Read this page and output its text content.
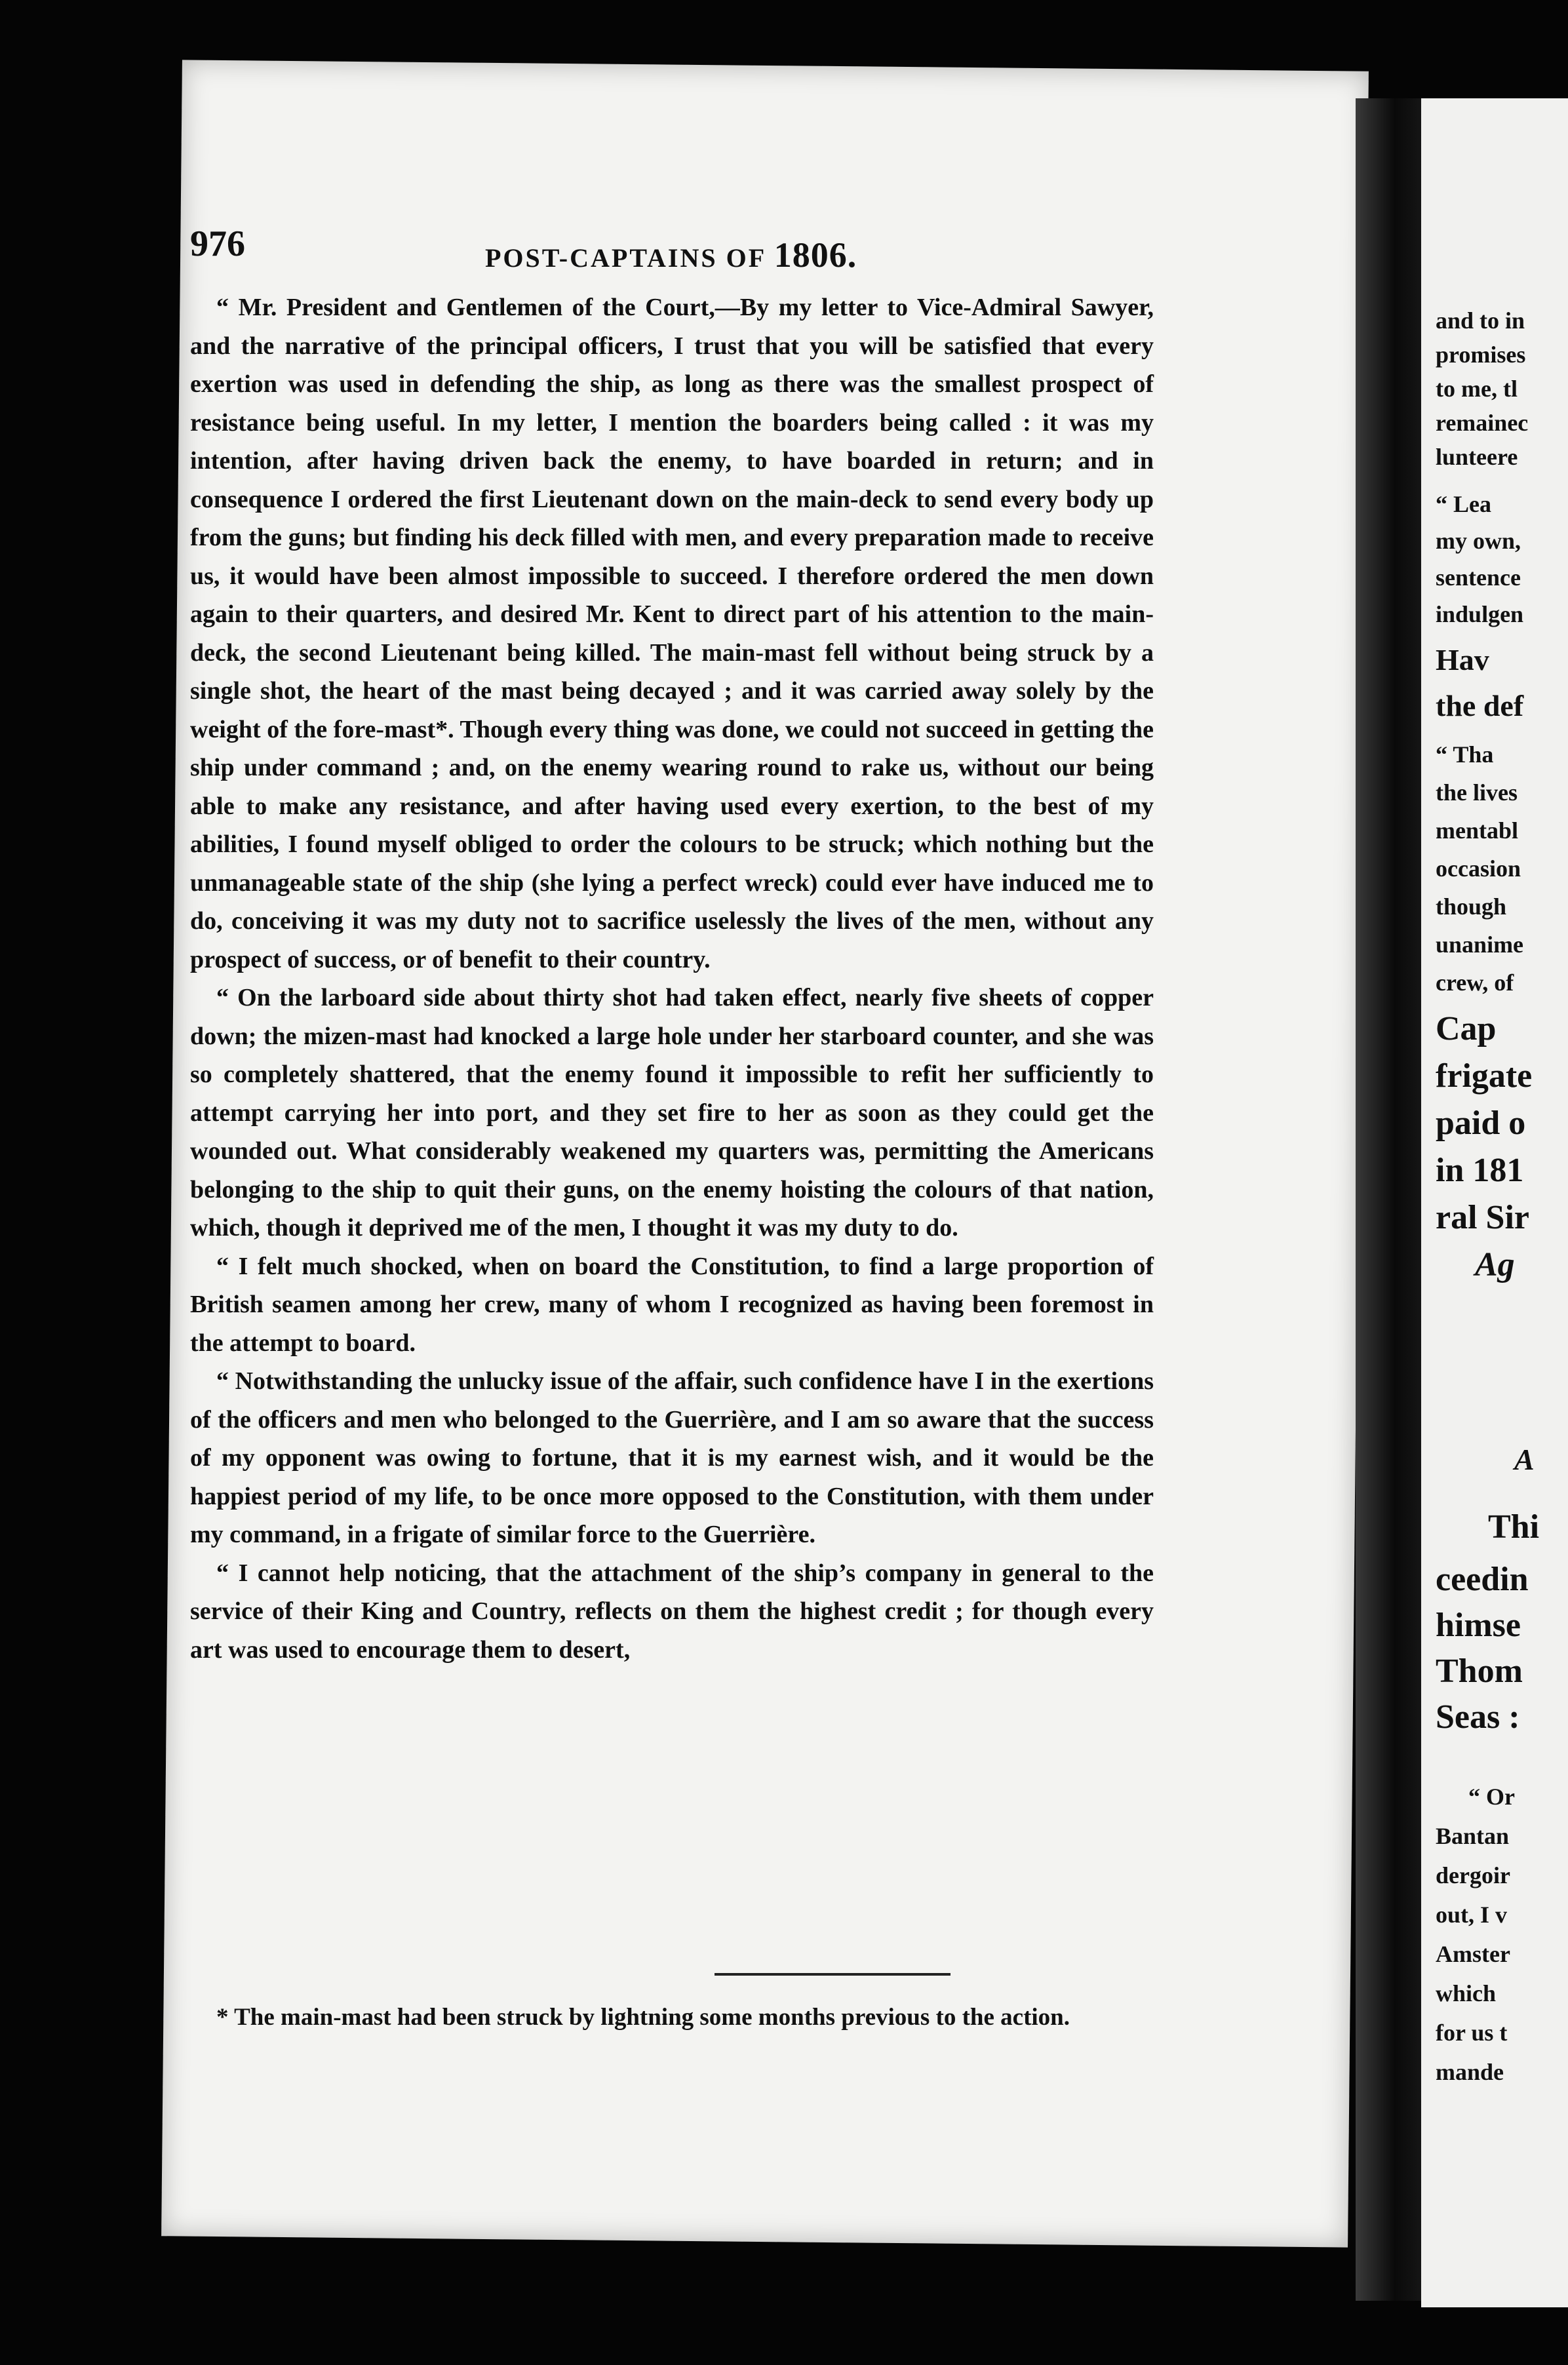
976	POST-CAPTAINS OF 1806.

“ Mr. President and Gentlemen of the Court,—By my letter to Vice-Admiral Sawyer, and the narrative of the principal officers, I trust that you will be satisfied that every exertion was used in defending the ship, as long as there was the smallest prospect of resistance being useful. In my letter, I mention the boarders being called : it was my intention, after having driven back the enemy, to have boarded in return; and in consequence I ordered the first Lieutenant down on the main-deck to send every body up from the guns; but finding his deck filled with men, and every preparation made to receive us, it would have been almost impossible to succeed. I therefore ordered the men down again to their quarters, and desired Mr. Kent to direct part of his attention to the main-deck, the second Lieutenant being killed. The main-mast fell without being struck by a single shot, the heart of the mast being decayed ; and it was carried away solely by the weight of the fore-mast*. Though every thing was done, we could not succeed in getting the ship under command ; and, on the enemy wearing round to rake us, without our being able to make any resistance, and after having used every exertion, to the best of my abilities, I found myself obliged to order the colours to be struck; which nothing but the unmanageable state of the ship (she lying a perfect wreck) could ever have induced me to do, conceiving it was my duty not to sacrifice uselessly the lives of the men, without any prospect of success, or of benefit to their country.

“ On the larboard side about thirty shot had taken effect, nearly five sheets of copper down; the mizen-mast had knocked a large hole under her starboard counter, and she was so completely shattered, that the enemy found it impossible to refit her sufficiently to attempt carrying her into port, and they set fire to her as soon as they could get the wounded out. What considerably weakened my quarters was, permitting the Americans belonging to the ship to quit their guns, on the enemy hoisting the colours of that nation, which, though it deprived me of the men, I thought it was my duty to do.

“ I felt much shocked, when on board the Constitution, to find a large proportion of British seamen among her crew, many of whom I recognized as having been foremost in the attempt to board.

“ Notwithstanding the unlucky issue of the affair, such confidence have I in the exertions of the officers and men who belonged to the Guerrière, and I am so aware that the success of my opponent was owing to fortune, that it is my earnest wish, and it would be the happiest period of my life, to be once more opposed to the Constitution, with them under my command, in a frigate of similar force to the Guerrière.

“ I cannot help noticing, that the attachment of the ship’s company in general to the service of their King and Country, reflects on them the highest credit ; for though every art was used to encourage them to desert,

* The main-mast had been struck by lightning some months previous to the action.
and to in
promises
to me, tl
remainec
lunteere
“ Lea
my own,
sentence
indulgen
Hav
the def
“ Tha
the lives
mentabl
occasion
though
unanime
crew, of
Cap
frigate
paid o
in 181
ral Sir
Ag
A
Thi
ceedin
himse
Thom
Seas :
“ Or
Bantan
dergoir
out, I v
Amster
which
for us t
mande
